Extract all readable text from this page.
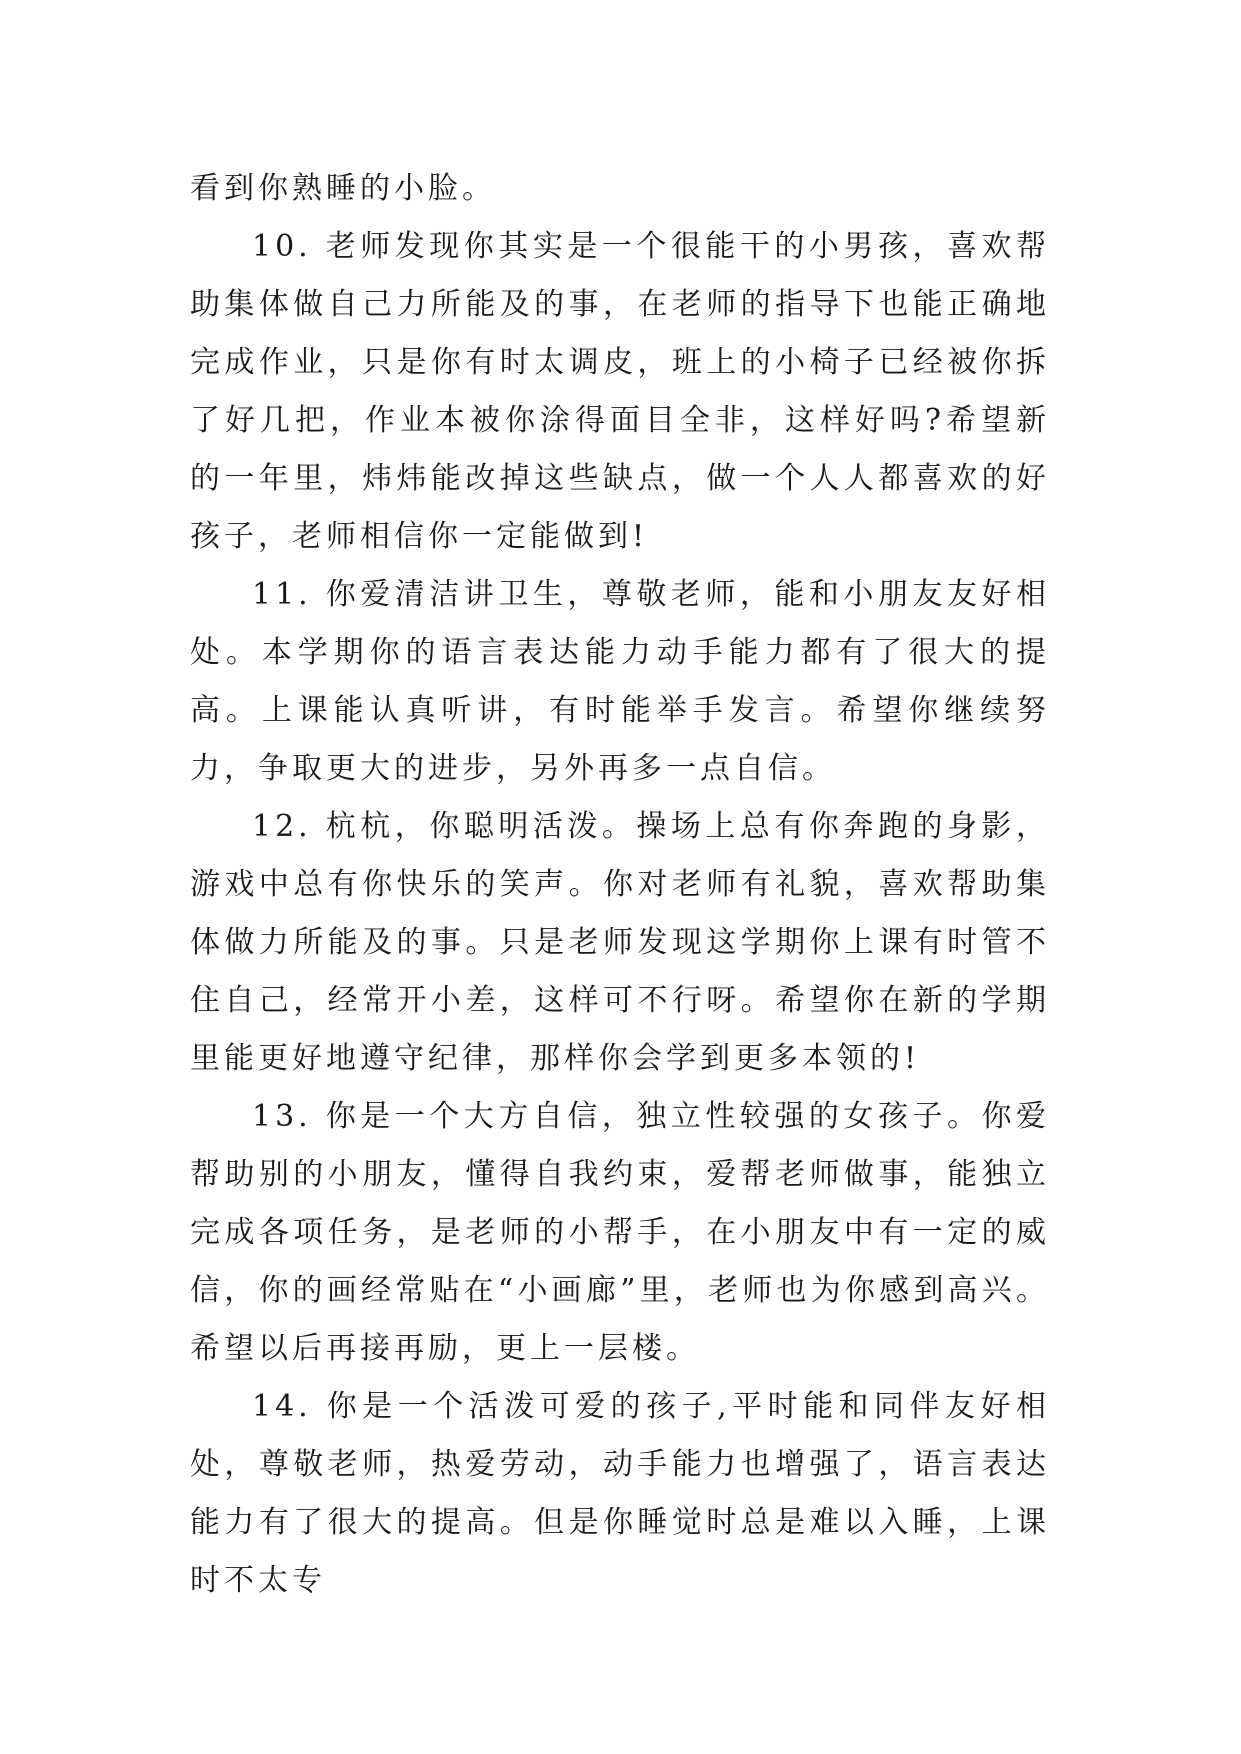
看到你熟睡的小脸。

10. 老师发现你其实是一个很能干的小男孩，喜欢帮助集体做自己力所能及的事，在老师的指导下也能正确地完成作业，只是你有时太调皮，班上的小椅子已经被你拆了好几把，作业本被你涂得面目全非，这样好吗?希望新的一年里，炜炜能改掉这些缺点，做一个人人都喜欢的好孩子，老师相信你一定能做到!

11. 你爱清洁讲卫生，尊敬老师，能和小朋友友好相处。本学期你的语言表达能力动手能力都有了很大的提高。上课能认真听讲，有时能举手发言。希望你继续努力，争取更大的进步，另外再多一点自信。

12. 杭杭，你聪明活泼。操场上总有你奔跑的身影，游戏中总有你快乐的笑声。你对老师有礼貌，喜欢帮助集体做力所能及的事。只是老师发现这学期你上课有时管不住自己，经常开小差，这样可不行呀。希望你在新的学期里能更好地遵守纪律，那样你会学到更多本领的!

13. 你是一个大方自信，独立性较强的女孩子。你爱帮助别的小朋友，懂得自我约束，爱帮老师做事，能独立完成各项任务，是老师的小帮手，在小朋友中有一定的威信，你的画经常贴在“小画廊”里，老师也为你感到高兴。希望以后再接再励，更上一层楼。

14. 你是一个活泼可爱的孩子,平时能和同伴友好相处，尊敬老师，热爱劳动，动手能力也增强了，语言表达能力有了很大的提高。但是你睡觉时总是难以入睡，上课时不太专
